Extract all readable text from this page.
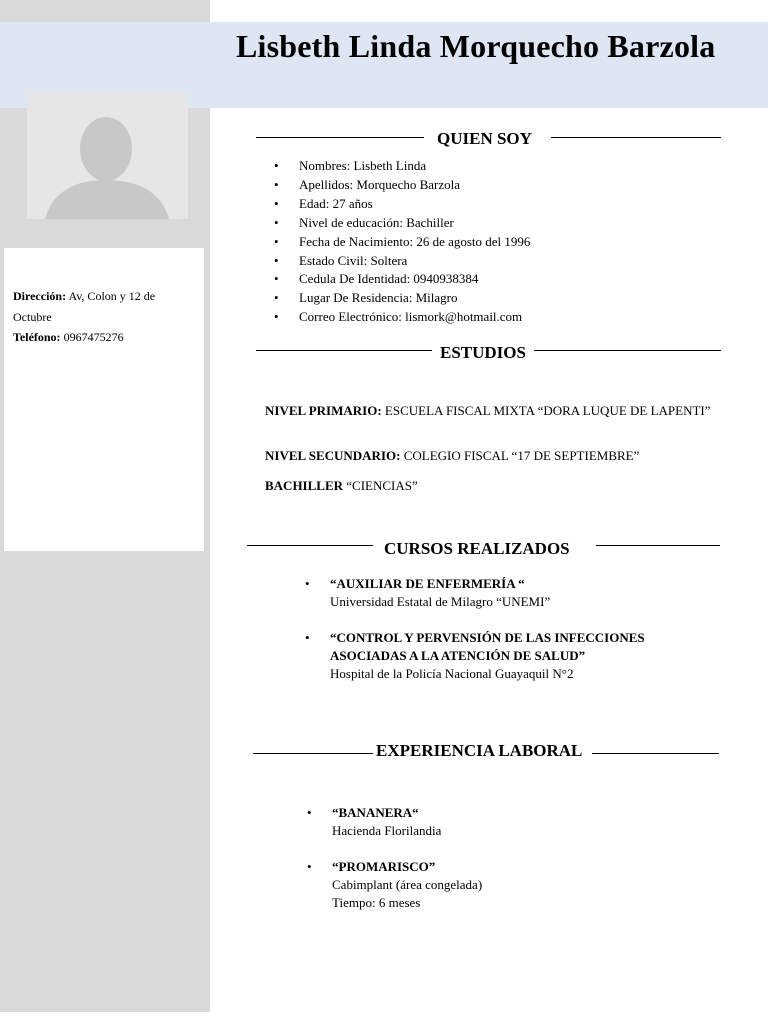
Lisbeth Linda Morquecho Barzola
Dirección: Av, Colon y 12 de Octubre
Teléfono: 0967475276
QUIEN SOY
• Nombres: Lisbeth Linda
• Apellidos: Morquecho Barzola
• Edad: 27 años
• Nivel de educación: Bachiller
• Fecha de Nacimiento: 26 de agosto del 1996
• Estado Civil: Soltera
• Cedula De Identidad: 0940938384
• Lugar De Residencia: Milagro
• Correo Electrónico: lismork@hotmail.com
ESTUDIOS
NIVEL PRIMARIO: ESCUELA FISCAL MIXTA “DORA LUQUE DE LAPENTI”
NIVEL SECUNDARIO: COLEGIO FISCAL “17 DE SEPTIEMBRE”
BACHILLER “CIENCIAS”
CURSOS REALIZADOS
• “AUXILIAR DE ENFERMERÍA “
Universidad Estatal de Milagro “UNEMI”
• “CONTROL Y PERVENSIÓN DE LAS INFECCIONES ASOCIADAS A LA ATENCIÓN DE SALUD”
Hospital de la Policía Nacional Guayaquil N°2
EXPERIENCIA LABORAL
• “BANANERA“
Hacienda Florilandia
• “PROMARISCO”
Cabimplant (área congelada)
Tiempo: 6 meses
